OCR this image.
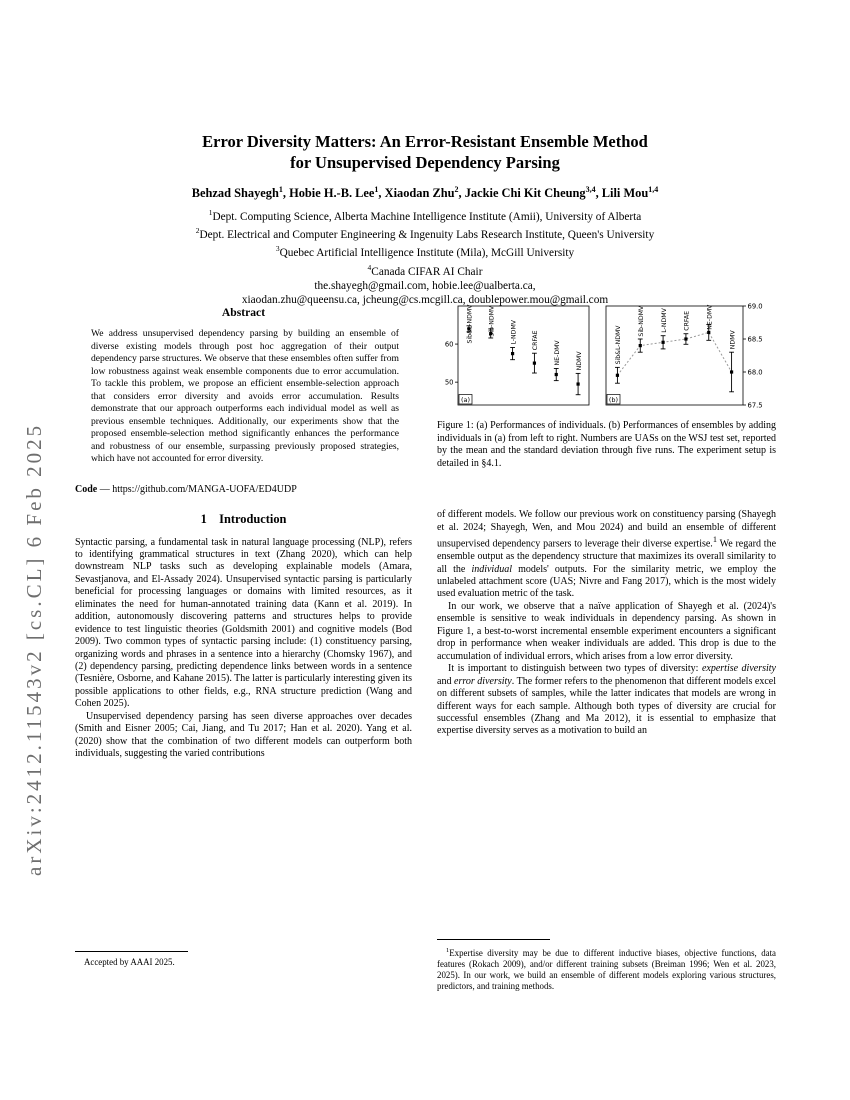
arXiv:2412.11543v2 [cs.CL] 6 Feb 2025
Error Diversity Matters: An Error-Resistant Ensemble Method
for Unsupervised Dependency Parsing
Behzad Shayegh$^1$, Hobie H.-B. Lee$^1$, Xiaodan Zhu$^2$, Jackie Chi Kit Cheung$^{3,4}$, Lili Mou$^{1,4}$
$^1$Dept. Computing Science, Alberta Machine Intelligence Institute (Amii), University of Alberta
$^2$Dept. Electrical and Computer Engineering & Ingenuity Labs Research Institute, Queen's University
$^3$Quebec Artificial Intelligence Institute (Mila), McGill University
$^4$Canada CIFAR AI Chair
the.shayegh@gmail.com, hobie.lee@ualberta.ca,
xiaodan.zhu@queensu.ca, jcheung@cs.mcgill.ca, doublepower.mou@gmail.com
Abstract

We address unsupervised dependency parsing by building an ensemble of diverse existing models through post hoc aggregation of their output dependency parse structures. We observe that these ensembles often suffer from low robustness against weak ensemble components due to error accumulation. To tackle this problem, we propose an efficient ensemble-selection approach that considers error diversity and avoids error accumulation. Results demonstrate that our approach outperforms each individual model as well as previous ensemble techniques. Additionally, our experiments show that the proposed ensemble-selection method significantly enhances the performance and robustness of our ensemble, surpassing previously proposed strategies, which have not accounted for error diversity.

Code — https://github.com/MANGA-UOFA/ED4UDP

1 Introduction

Syntactic parsing, a fundamental task in natural language processing (NLP), refers to identifying grammatical structures in text (Zhang 2020), which can help downstream NLP tasks such as developing explainable models (Amara, Sevastjanova, and El-Assady 2024). Unsupervised syntactic parsing is particularly beneficial for processing languages or domains with limited resources, as it eliminates the need for human-annotated training data (Kann et al. 2019). In addition, autonomously discovering patterns and structures helps to provide evidence to test linguistic theories (Goldsmith 2001) and cognitive models (Bod 2009). Two common types of syntactic parsing include: (1) constituency parsing, organizing words and phrases in a sentence into a hierarchy (Chomsky 1967), and (2) dependency parsing, predicting dependence links between words in a sentence (Tesnière, Osborne, and Kahane 2015). The latter is particularly interesting given its possible applications to other fields, e.g., RNA structure prediction (Wang and Cohen 2025).

Unsupervised dependency parsing has seen diverse approaches over decades (Smith and Eisner 2005; Cai, Jiang, and Tu 2017; Han et al. 2020). Yang et al. (2020) show that the combination of two different models can outperform both individuals, suggesting the varied contributions

50
60
Sib&L-NDMV Sib-NDMV L-NDMV CRFAE
NE-DMV NDMV
(a)
67.5
68.0
68.5
69.0
Sib&L-NDMV
Sib-NDMV	L-NDMV	CRFAE	NE-DMV
NDMV
(b)
Figure 1: (a) Performances of individuals. (b) Performances of ensembles by adding individuals in (a) from left to right. Numbers are UASs on the WSJ test set, reported by the mean and the standard deviation through five runs. The experiment setup is detailed in §4.1.

of different models. We follow our previous work on constituency parsing (Shayegh et al. 2024; Shayegh, Wen, and Mou 2024) and build an ensemble of different unsupervised dependency parsers to leverage their diverse expertise.$^1$ We regard the ensemble output as the dependency structure that maximizes its overall similarity to all the individual models' outputs. For the similarity metric, we employ the unlabeled attachment score (UAS; Nivre and Fang 2017), which is the most widely used evaluation metric of the task.

In our work, we observe that a naïve application of Shayegh et al. (2024)'s ensemble is sensitive to weak individuals in dependency parsing. As shown in Figure 1, a best-to-worst incremental ensemble experiment encounters a significant drop in performance when weaker individuals are added. This drop is due to the accumulation of individual errors, which arises from a low error diversity.

It is important to distinguish between two types of diversity: expertise diversity and error diversity. The former refers to the phenomenon that different models excel on different subsets of samples, while the latter indicates that models are wrong in different ways for each sample. Although both types of diversity are crucial for successful ensembles (Zhang and Ma 2012), it is essential to emphasize that expertise diversity serves as a motivation to build an

Accepted by AAAI 2025.
$^1$Expertise diversity may be due to different inductive biases, objective functions, data features (Rokach 2009), and/or different training subsets (Breiman 1996; Wen et al. 2023, 2025). In our work, we build an ensemble of different models exploring various structures, predictors, and training methods.
